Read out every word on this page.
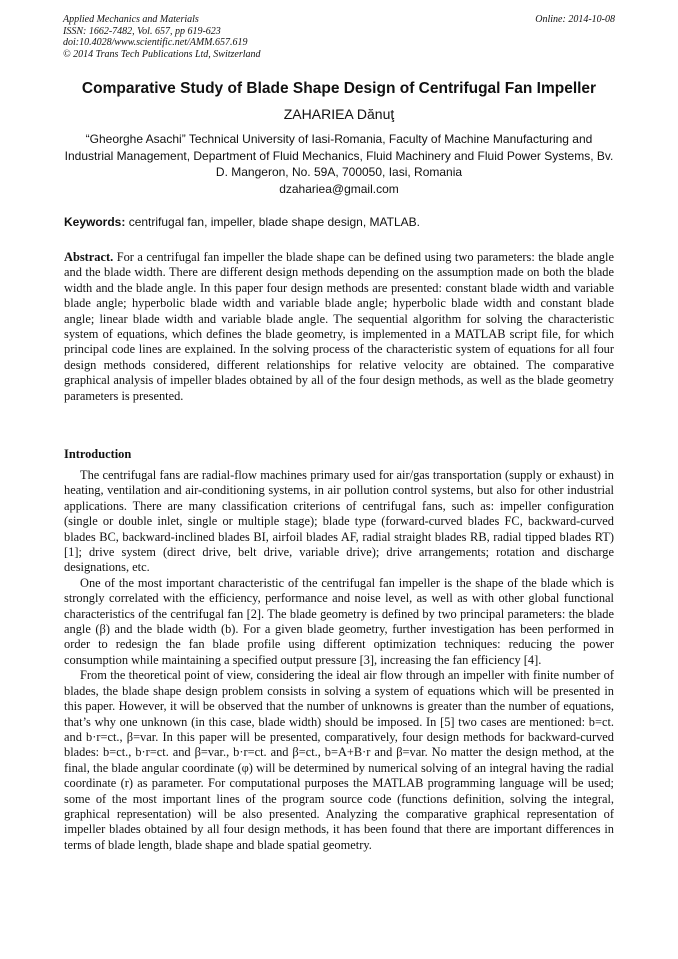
Applied Mechanics and Materials
ISSN: 1662-7482, Vol. 657, pp 619-623
doi:10.4028/www.scientific.net/AMM.657.619
© 2014 Trans Tech Publications Ltd, Switzerland
Online: 2014-10-08
Comparative Study of Blade Shape Design of Centrifugal Fan Impeller
ZAHARIEA Dănuţ
“Gheorghe Asachi” Technical University of Iasi-Romania, Faculty of Machine Manufacturing and Industrial Management, Department of Fluid Mechanics, Fluid Machinery and Fluid Power Systems, Bv. D. Mangeron, No. 59A, 700050, Iasi, Romania
dzahariea@gmail.com
Keywords: centrifugal fan, impeller, blade shape design, MATLAB.

Abstract. For a centrifugal fan impeller the blade shape can be defined using two parameters: the blade angle and the blade width. There are different design methods depending on the assumption made on both the blade width and the blade angle. In this paper four design methods are presented: constant blade width and variable blade angle; hyperbolic blade width and variable blade angle; hyperbolic blade width and constant blade angle; linear blade width and variable blade angle. The sequential algorithm for solving the characteristic system of equations, which defines the blade geometry, is implemented in a MATLAB script file, for which principal code lines are explained. In the solving process of the characteristic system of equations for all four design methods considered, different relationships for relative velocity are obtained. The comparative graphical analysis of impeller blades obtained by all of the four design methods, as well as the blade geometry parameters is presented.

Introduction

The centrifugal fans are radial-flow machines primary used for air/gas transportation (supply or exhaust) in heating, ventilation and air-conditioning systems, in air pollution control systems, but also for other industrial applications. There are many classification criterions of centrifugal fans, such as: impeller configuration (single or double inlet, single or multiple stage); blade type (forward-curved blades FC, backward-curved blades BC, backward-inclined blades BI, airfoil blades AF, radial straight blades RB, radial tipped blades RT) [1]; drive system (direct drive, belt drive, variable drive); drive arrangements; rotation and discharge designations, etc.

One of the most important characteristic of the centrifugal fan impeller is the shape of the blade which is strongly correlated with the efficiency, performance and noise level, as well as with other global functional characteristics of the centrifugal fan [2]. The blade geometry is defined by two principal parameters: the blade angle (β) and the blade width (b). For a given blade geometry, further investigation has been performed in order to redesign the fan blade profile using different optimization techniques: reducing the power consumption while maintaining a specified output pressure [3], increasing the fan efficiency [4].

From the theoretical point of view, considering the ideal air flow through an impeller with finite number of blades, the blade shape design problem consists in solving a system of equations which will be presented in this paper. However, it will be observed that the number of unknowns is greater than the number of equations, that’s why one unknown (in this case, blade width) should be imposed. In [5] two cases are mentioned: b=ct. and b·r=ct., β=var. In this paper will be presented, comparatively, four design methods for backward-curved blades: b=ct., b·r=ct. and β=var., b·r=ct. and β=ct., b=A+B·r and β=var. No matter the design method, at the final, the blade angular coordinate (φ) will be determined by numerical solving of an integral having the radial coordinate (r) as parameter. For computational purposes the MATLAB programming language will be used; some of the most important lines of the program source code (functions definition, solving the integral, graphical representation) will be also presented. Analyzing the comparative graphical representation of impeller blades obtained by all four design methods, it has been found that there are important differences in terms of blade length, blade shape and blade spatial geometry.
